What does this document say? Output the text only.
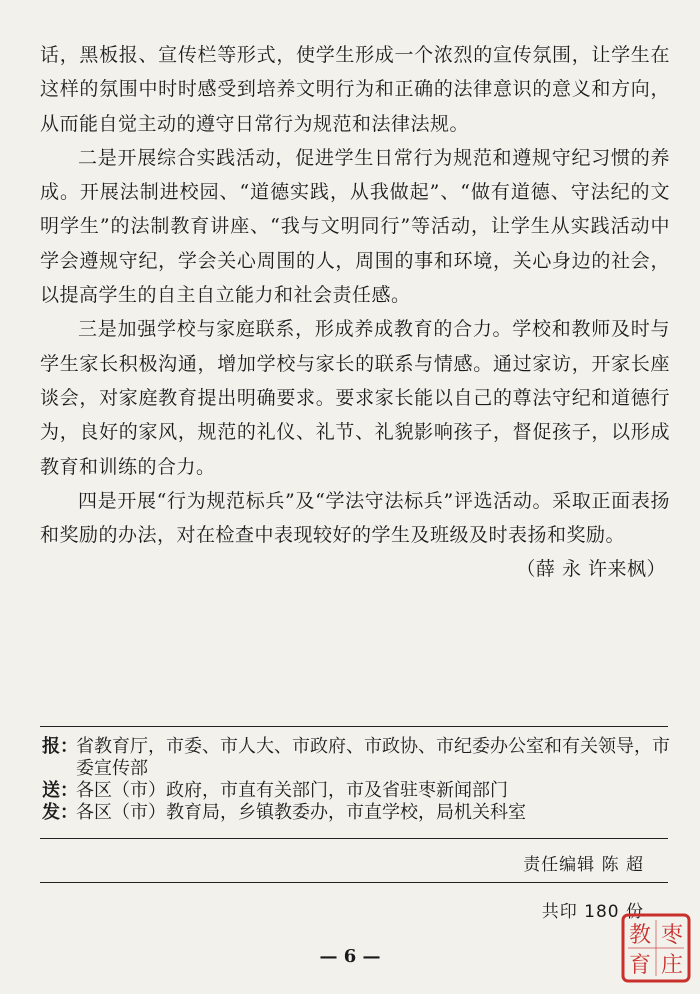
话，黑板报、宣传栏等形式，使学生形成一个浓烈的宣传氛围，让学生在这样的氛围中时时感受到培养文明行为和正确的法律意识的意义和方向，从而能自觉主动的遵守日常行为规范和法律法规。

二是开展综合实践活动，促进学生日常行为规范和遵规守纪习惯的养成。开展法制进校园、“道德实践，从我做起”、“做有道德、守法纪的文明学生”的法制教育讲座、“我与文明同行”等活动，让学生从实践活动中学会遵规守纪，学会关心周围的人，周围的事和环境，关心身边的社会，以提高学生的自主自立能力和社会责任感。

三是加强学校与家庭联系，形成养成教育的合力。学校和教师及时与学生家长积极沟通，增加学校与家长的联系与情感。通过家访，开家长座谈会，对家庭教育提出明确要求。要求家长能以自己的尊法守纪和道德行为，良好的家风，规范的礼仪、礼节、礼貌影响孩子，督促孩子，以形成教育和训练的合力。

四是开展“行为规范标兵”及“学法守法标兵”评选活动。采取正面表扬和奖励的办法，对在检查中表现较好的学生及班级及时表扬和奖励。

（薛 永 许来枫）

报：
省教育厅，市委、市人大、市政府、市政协、市纪委办公室和有关领导，市委宣传部
送：
各区（市）政府，市直有关部门，市及省驻枣新闻部门
发：
各区（市）教育局，乡镇教委办，市直学校，局机关科室
责任编辑 陈 超
共印 180 份
— 6 —
枣
庄
教
育
